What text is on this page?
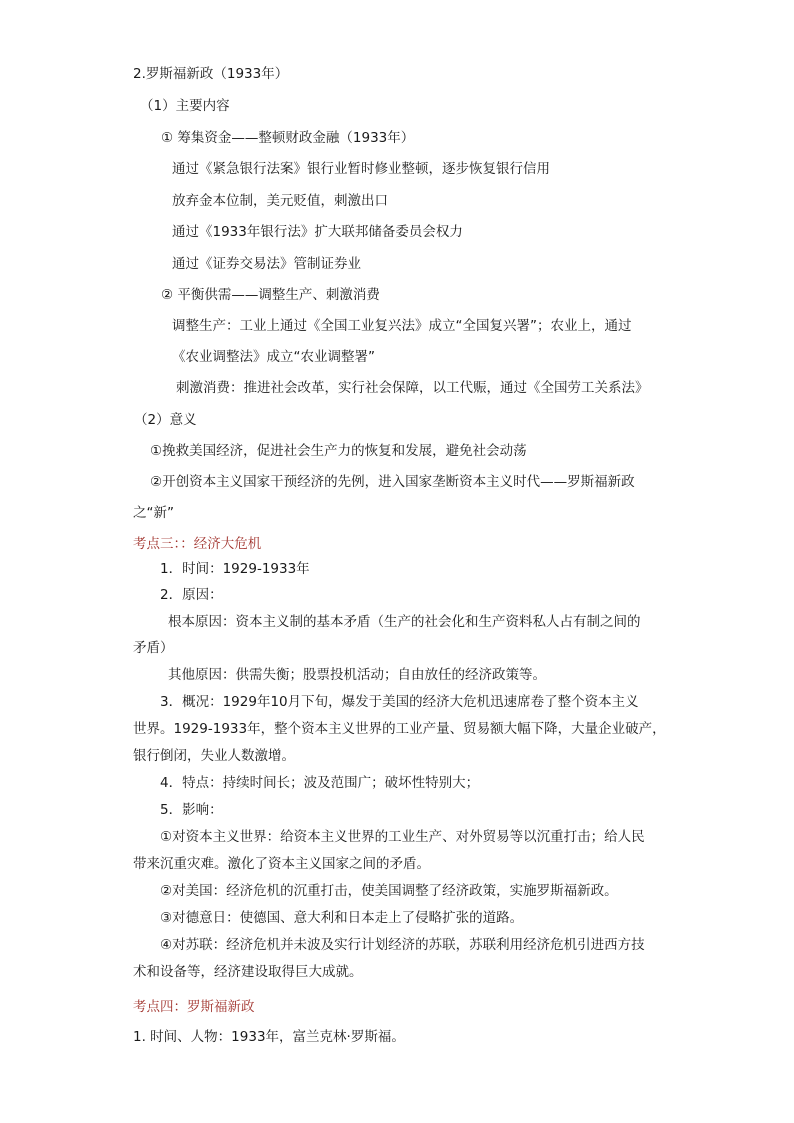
2.罗斯福新政（1933年）
（1）主要内容
① 筹集资金——整顿财政金融（1933年）
通过《紧急银行法案》银行业暂时修业整顿，逐步恢复银行信用
放弃金本位制，美元贬值，刺激出口
通过《1933年银行法》扩大联邦储备委员会权力
通过《证券交易法》管制证券业
② 平衡供需——调整生产、刺激消费
调整生产：工业上通过《全国工业复兴法》成立“全国复兴署”；农业上，通过
《农业调整法》成立“农业调整署”
刺激消费：推进社会改革，实行社会保障，以工代赈，通过《全国劳工关系法》
（2）意义
①挽救美国经济，促进社会生产力的恢复和发展，避免社会动荡
②开创资本主义国家干预经济的先例，进入国家垄断资本主义时代——罗斯福新政
之“新”
考点三：：经济大危机
1．时间：1929-1933年
2．原因：
根本原因：资本主义制的基本矛盾（生产的社会化和生产资料私人占有制之间的
矛盾）
其他原因：供需失衡；股票投机活动；自由放任的经济政策等。
3．概况：1929年10月下旬，爆发于美国的经济大危机迅速席卷了整个资本主义
世界。1929-1933年，整个资本主义世界的工业产量、贸易额大幅下降，大量企业破产，
银行倒闭，失业人数激增。
4．特点：持续时间长；波及范围广；破坏性特别大；
5．影响：
①对资本主义世界：给资本主义世界的工业生产、对外贸易等以沉重打击；给人民
带来沉重灾难。激化了资本主义国家之间的矛盾。
②对美国：经济危机的沉重打击，使美国调整了经济政策，实施罗斯福新政。
③对德意日：使德国、意大利和日本走上了侵略扩张的道路。
④对苏联：经济危机并未波及实行计划经济的苏联，苏联利用经济危机引进西方技
术和设备等，经济建设取得巨大成就。
考点四：罗斯福新政
1. 时间、人物：1933年，富兰克林·罗斯福。
